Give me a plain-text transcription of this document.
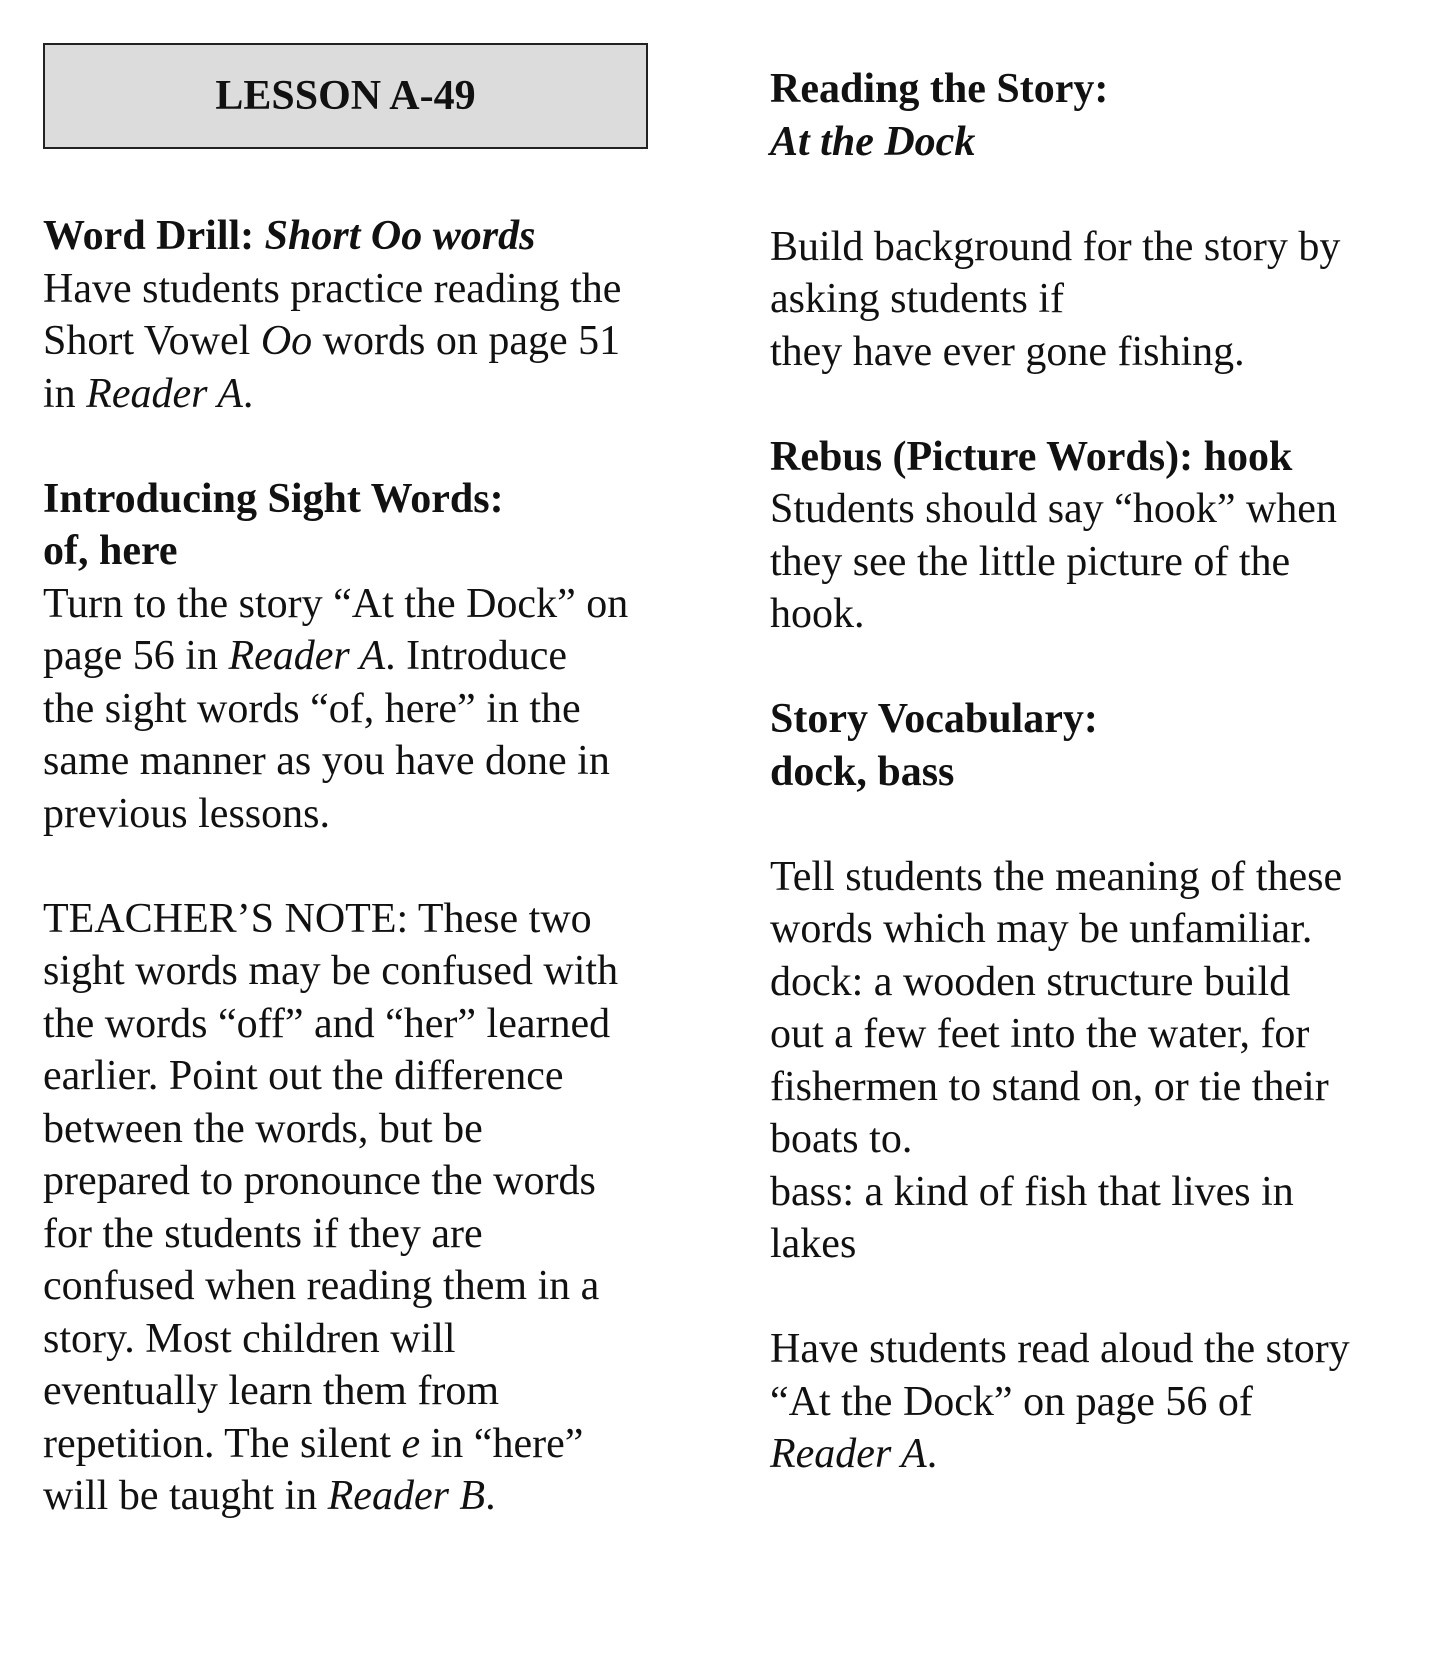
LESSON A-49
Word Drill: Short Oo words
Have students practice reading the
Short Vowel Oo words on page 51
in Reader A.
Introducing Sight Words:
of, here
Turn to the story “At the Dock” on
page 56 in Reader A. Introduce
the sight words “of, here” in the
same manner as you have done in
previous lessons.
TEACHER’S NOTE: These two
sight words may be confused with
the words “off” and “her” learned
earlier. Point out the difference
between the words, but be
prepared to pronounce the words
for the students if they are
confused when reading them in a
story. Most children will
eventually learn them from
repetition. The silent e in “here”
will be taught in Reader B.
Reading the Story:
At the Dock
Build background for the story by
asking students if
they have ever gone fishing.
Rebus (Picture Words): hook
Students should say “hook” when
they see the little picture of the
hook.
Story Vocabulary:
dock, bass
Tell students the meaning of these
words which may be unfamiliar.
dock: a wooden structure build
out a few feet into the water, for
fishermen to stand on, or tie their
boats to.
bass: a kind of fish that lives in
lakes
Have students read aloud the story
“At the Dock” on page 56 of
Reader A.
